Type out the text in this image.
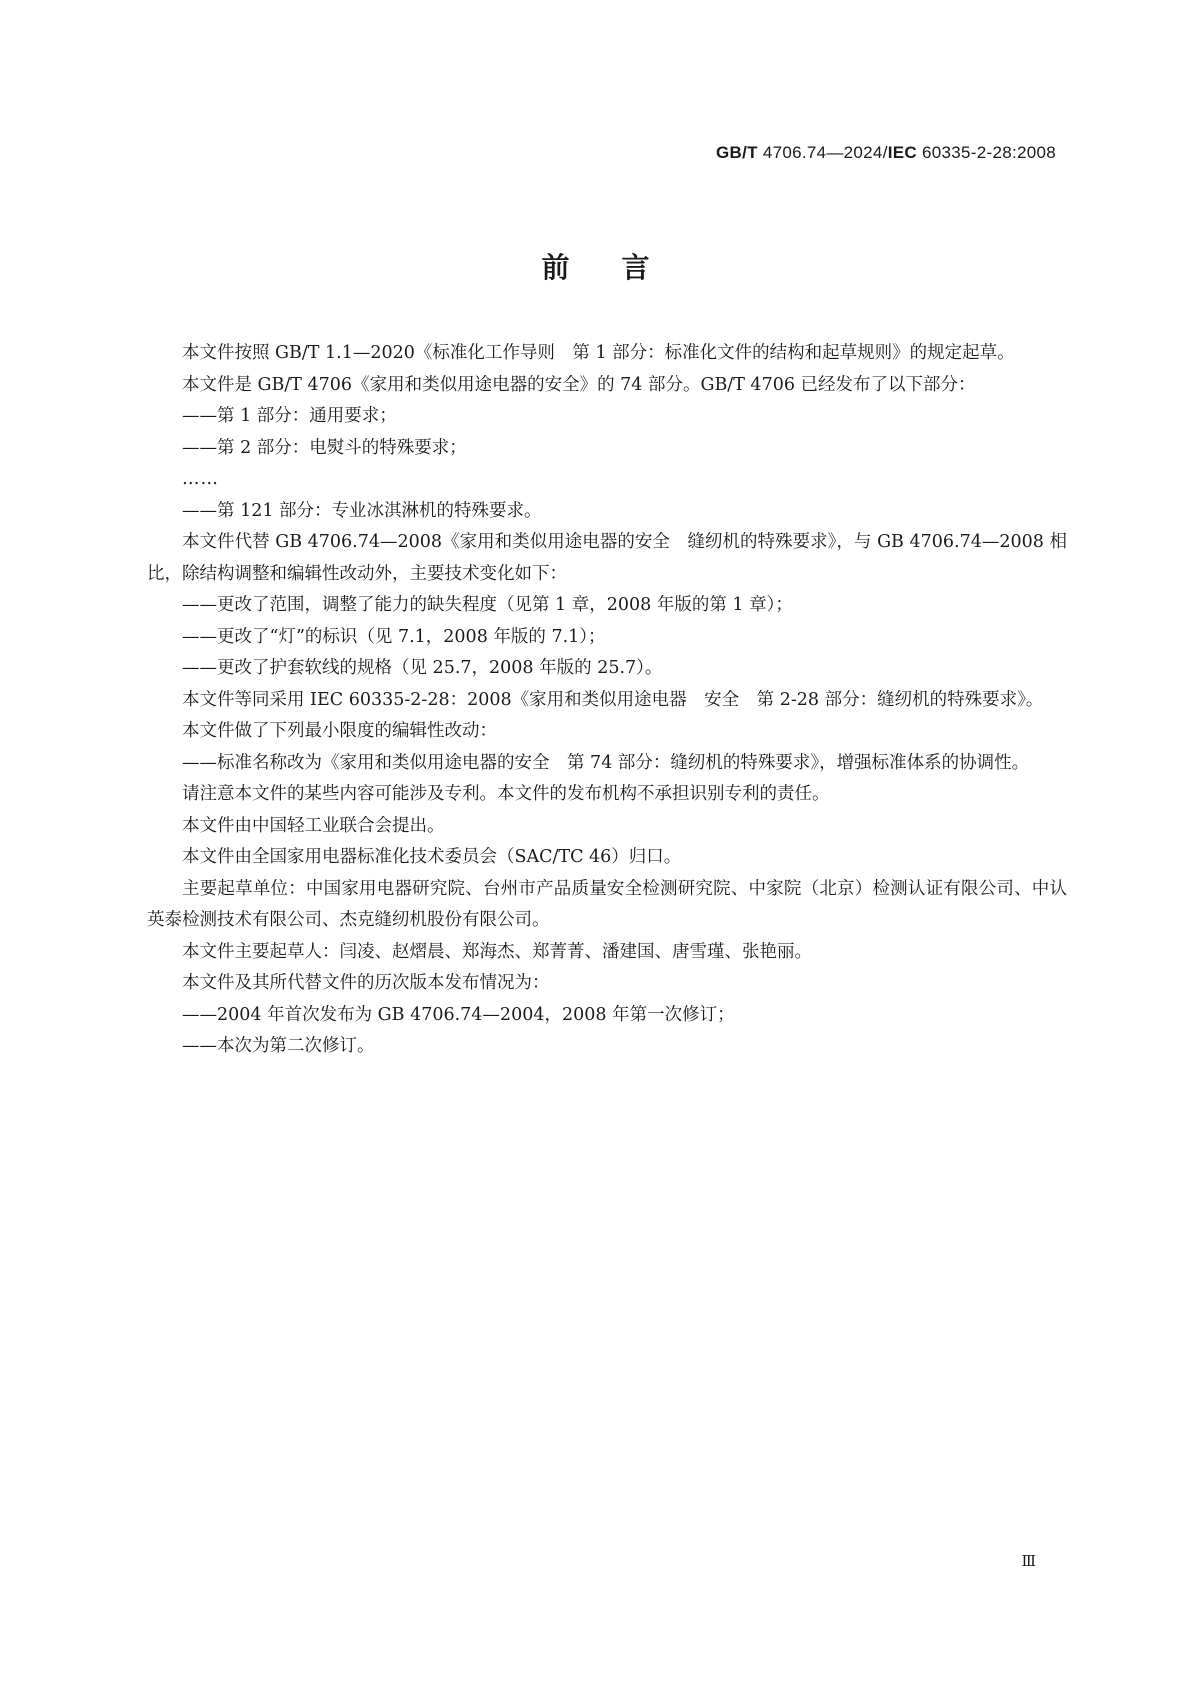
GB/T 4706.74—2024/IEC 60335-2-28:2008
前言

本文件按照 GB/T 1.1—2020《标准化工作导则　第 1 部分：标准化文件的结构和起草规则》的规定起草。

本文件是 GB/T 4706《家用和类似用途电器的安全》的 74 部分。GB/T 4706 已经发布了以下部分：

——第 1 部分：通用要求；

——第 2 部分：电熨斗的特殊要求；

……

——第 121 部分：专业冰淇淋机的特殊要求。

本文件代替 GB 4706.74—2008《家用和类似用途电器的安全　缝纫机的特殊要求》，与 GB 4706.74—2008 相比，除结构调整和编辑性改动外，主要技术变化如下：

——更改了范围，调整了能力的缺失程度（见第 1 章，2008 年版的第 1 章）；

——更改了“灯”的标识（见 7.1，2008 年版的 7.1）；

——更改了护套软线的规格（见 25.7，2008 年版的 25.7）。

本文件等同采用 IEC 60335-2-28：2008《家用和类似用途电器　安全　第 2-28 部分：缝纫机的特殊要求》。

本文件做了下列最小限度的编辑性改动：

——标准名称改为《家用和类似用途电器的安全　第 74 部分：缝纫机的特殊要求》，增强标准体系的协调性。

请注意本文件的某些内容可能涉及专利。本文件的发布机构不承担识别专利的责任。

本文件由中国轻工业联合会提出。

本文件由全国家用电器标准化技术委员会（SAC/TC 46）归口。

主要起草单位：中国家用电器研究院、台州市产品质量安全检测研究院、中家院（北京）检测认证有限公司、中认英泰检测技术有限公司、杰克缝纫机股份有限公司。

本文件主要起草人：闫凌、赵熠晨、郑海杰、郑菁菁、潘建国、唐雪瑾、张艳丽。

本文件及其所代替文件的历次版本发布情况为：

——2004 年首次发布为 GB 4706.74—2004，2008 年第一次修订；

——本次为第二次修订。

Ⅲ
